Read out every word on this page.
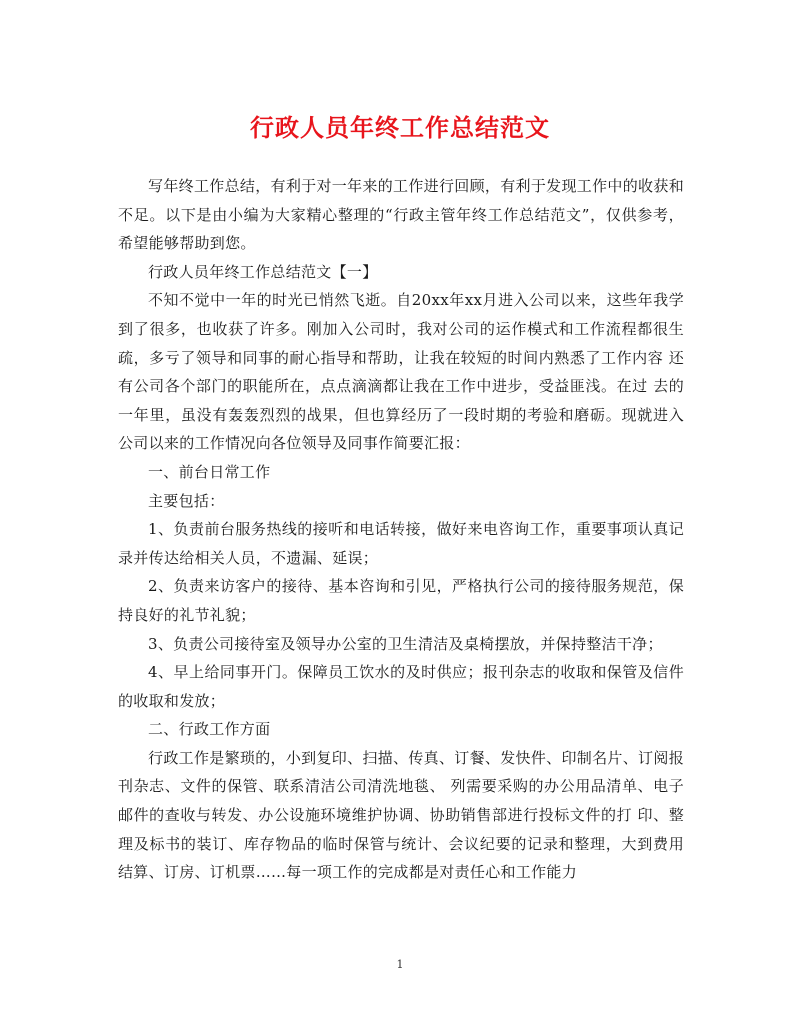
行政人员年终工作总结范文

写年终工作总结，有利于对一年来的工作进行回顾，有利于发现工作中的收获和不足。以下是由小编为大家精心整理的“行政主管年终工作总结范文”，仅供参考，希望能够帮助到您。

行政人员年终工作总结范文【一】

不知不觉中一年的时光已悄然飞逝。自20xx年xx月进入公司以来，这些年我学到了很多，也收获了许多。刚加入公司时，我对公司的运作模式和工作流程都很生疏，多亏了领导和同事的耐心指导和帮助，让我在较短的时间内熟悉了工作内容 还有公司各个部门的职能所在，点点滴滴都让我在工作中进步，受益匪浅。在过 去的一年里，虽没有轰轰烈烈的战果，但也算经历了一段时期的考验和磨砺。现就进入公司以来的工作情况向各位领导及同事作简要汇报：

一、前台日常工作

主要包括：

1、负责前台服务热线的接听和电话转接，做好来电咨询工作，重要事项认真记录并传达给相关人员，不遗漏、延误；

2、负责来访客户的接待、基本咨询和引见，严格执行公司的接待服务规范，保持良好的礼节礼貌；

3、负责公司接待室及领导办公室的卫生清洁及桌椅摆放，并保持整洁干净；

4、早上给同事开门。保障员工饮水的及时供应；报刊杂志的收取和保管及信件的收取和发放；

二、行政工作方面

行政工作是繁琐的，小到复印、扫描、传真、订餐、发快件、印制名片、订阅报刊杂志、文件的保管、联系清洁公司清洗地毯、 列需要采购的办公用品清单、电子邮件的查收与转发、办公设施环境维护协调、协助销售部进行投标文件的打 印、整理及标书的装订、库存物品的临时保管与统计、会议纪要的记录和整理，大到费用结算、订房、订机票……每一项工作的完成都是对责任心和工作能力

1
